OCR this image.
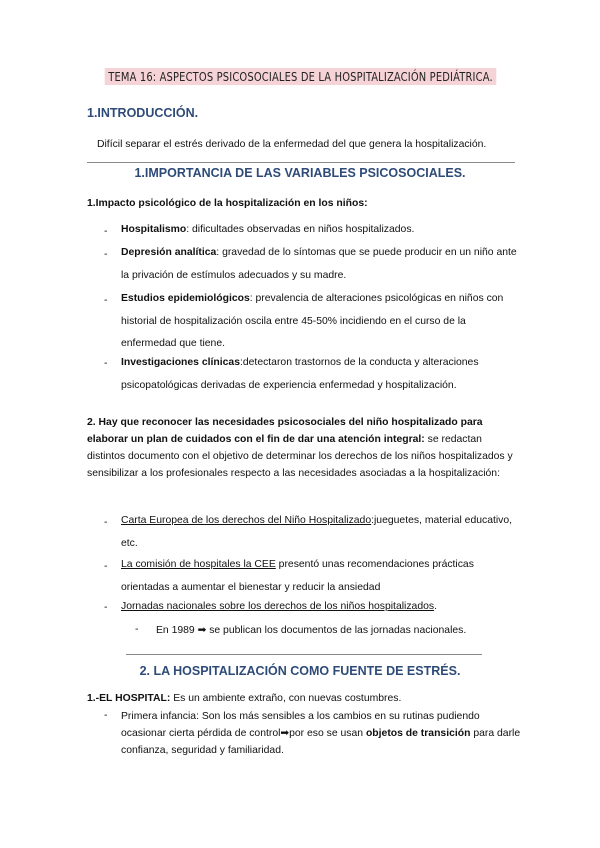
TEMA 16: ASPECTOS PSICOSOCIALES DE LA HOSPITALIZACIÓN PEDIÁTRICA.
1.INTRODUCCIÓN.
Difícil separar el estrés derivado de la enfermedad del que genera la hospitalización.
1.IMPORTANCIA DE LAS VARIABLES PSICOSOCIALES.
1.Impacto psicológico de la hospitalización en los niños:
- Hospitalismo: dificultades observadas en niños hospitalizados.
- Depresión analítica: gravedad de lo síntomas que se puede producir en un niño ante la privación de estímulos adecuados y su madre.
- Estudios epidemiológicos: prevalencia de alteraciones psicológicas en niños con historial de hospitalización oscila entre 45-50% incidiendo en el curso de la enfermedad que tiene.
- Investigaciones clínicas:detectaron trastornos de la conducta y alteraciones psicopatológicas derivadas de experiencia enfermedad y hospitalización.
2. Hay que reconocer las necesidades psicosociales del niño hospitalizado para elaborar un plan de cuidados con el fin de dar una atención integral: se redactan distintos documento con el objetivo de determinar los derechos de los niños hospitalizados y sensibilizar a los profesionales respecto a las necesidades asociadas a la hospitalización:
- Carta Europea de los derechos del Niño Hospitalizado:jueguetes, material educativo, etc.
- La comisión de hospitales la CEE presentó unas recomendaciones prácticas orientadas a aumentar el bienestar y reducir la ansiedad
- Jornadas nacionales sobre los derechos de los niños hospitalizados.
- En 1989 ➡ se publican los documentos de las jornadas nacionales.
2. LA HOSPITALIZACIÓN COMO FUENTE DE ESTRÉS.
1.-EL HOSPITAL: Es un ambiente extraño, con nuevas costumbres.
- Primera infancia: Son los más sensibles a los cambios en su rutinas pudiendo ocasionar cierta pérdida de control➡por eso se usan objetos de transición para darle confianza, seguridad y familiaridad.
